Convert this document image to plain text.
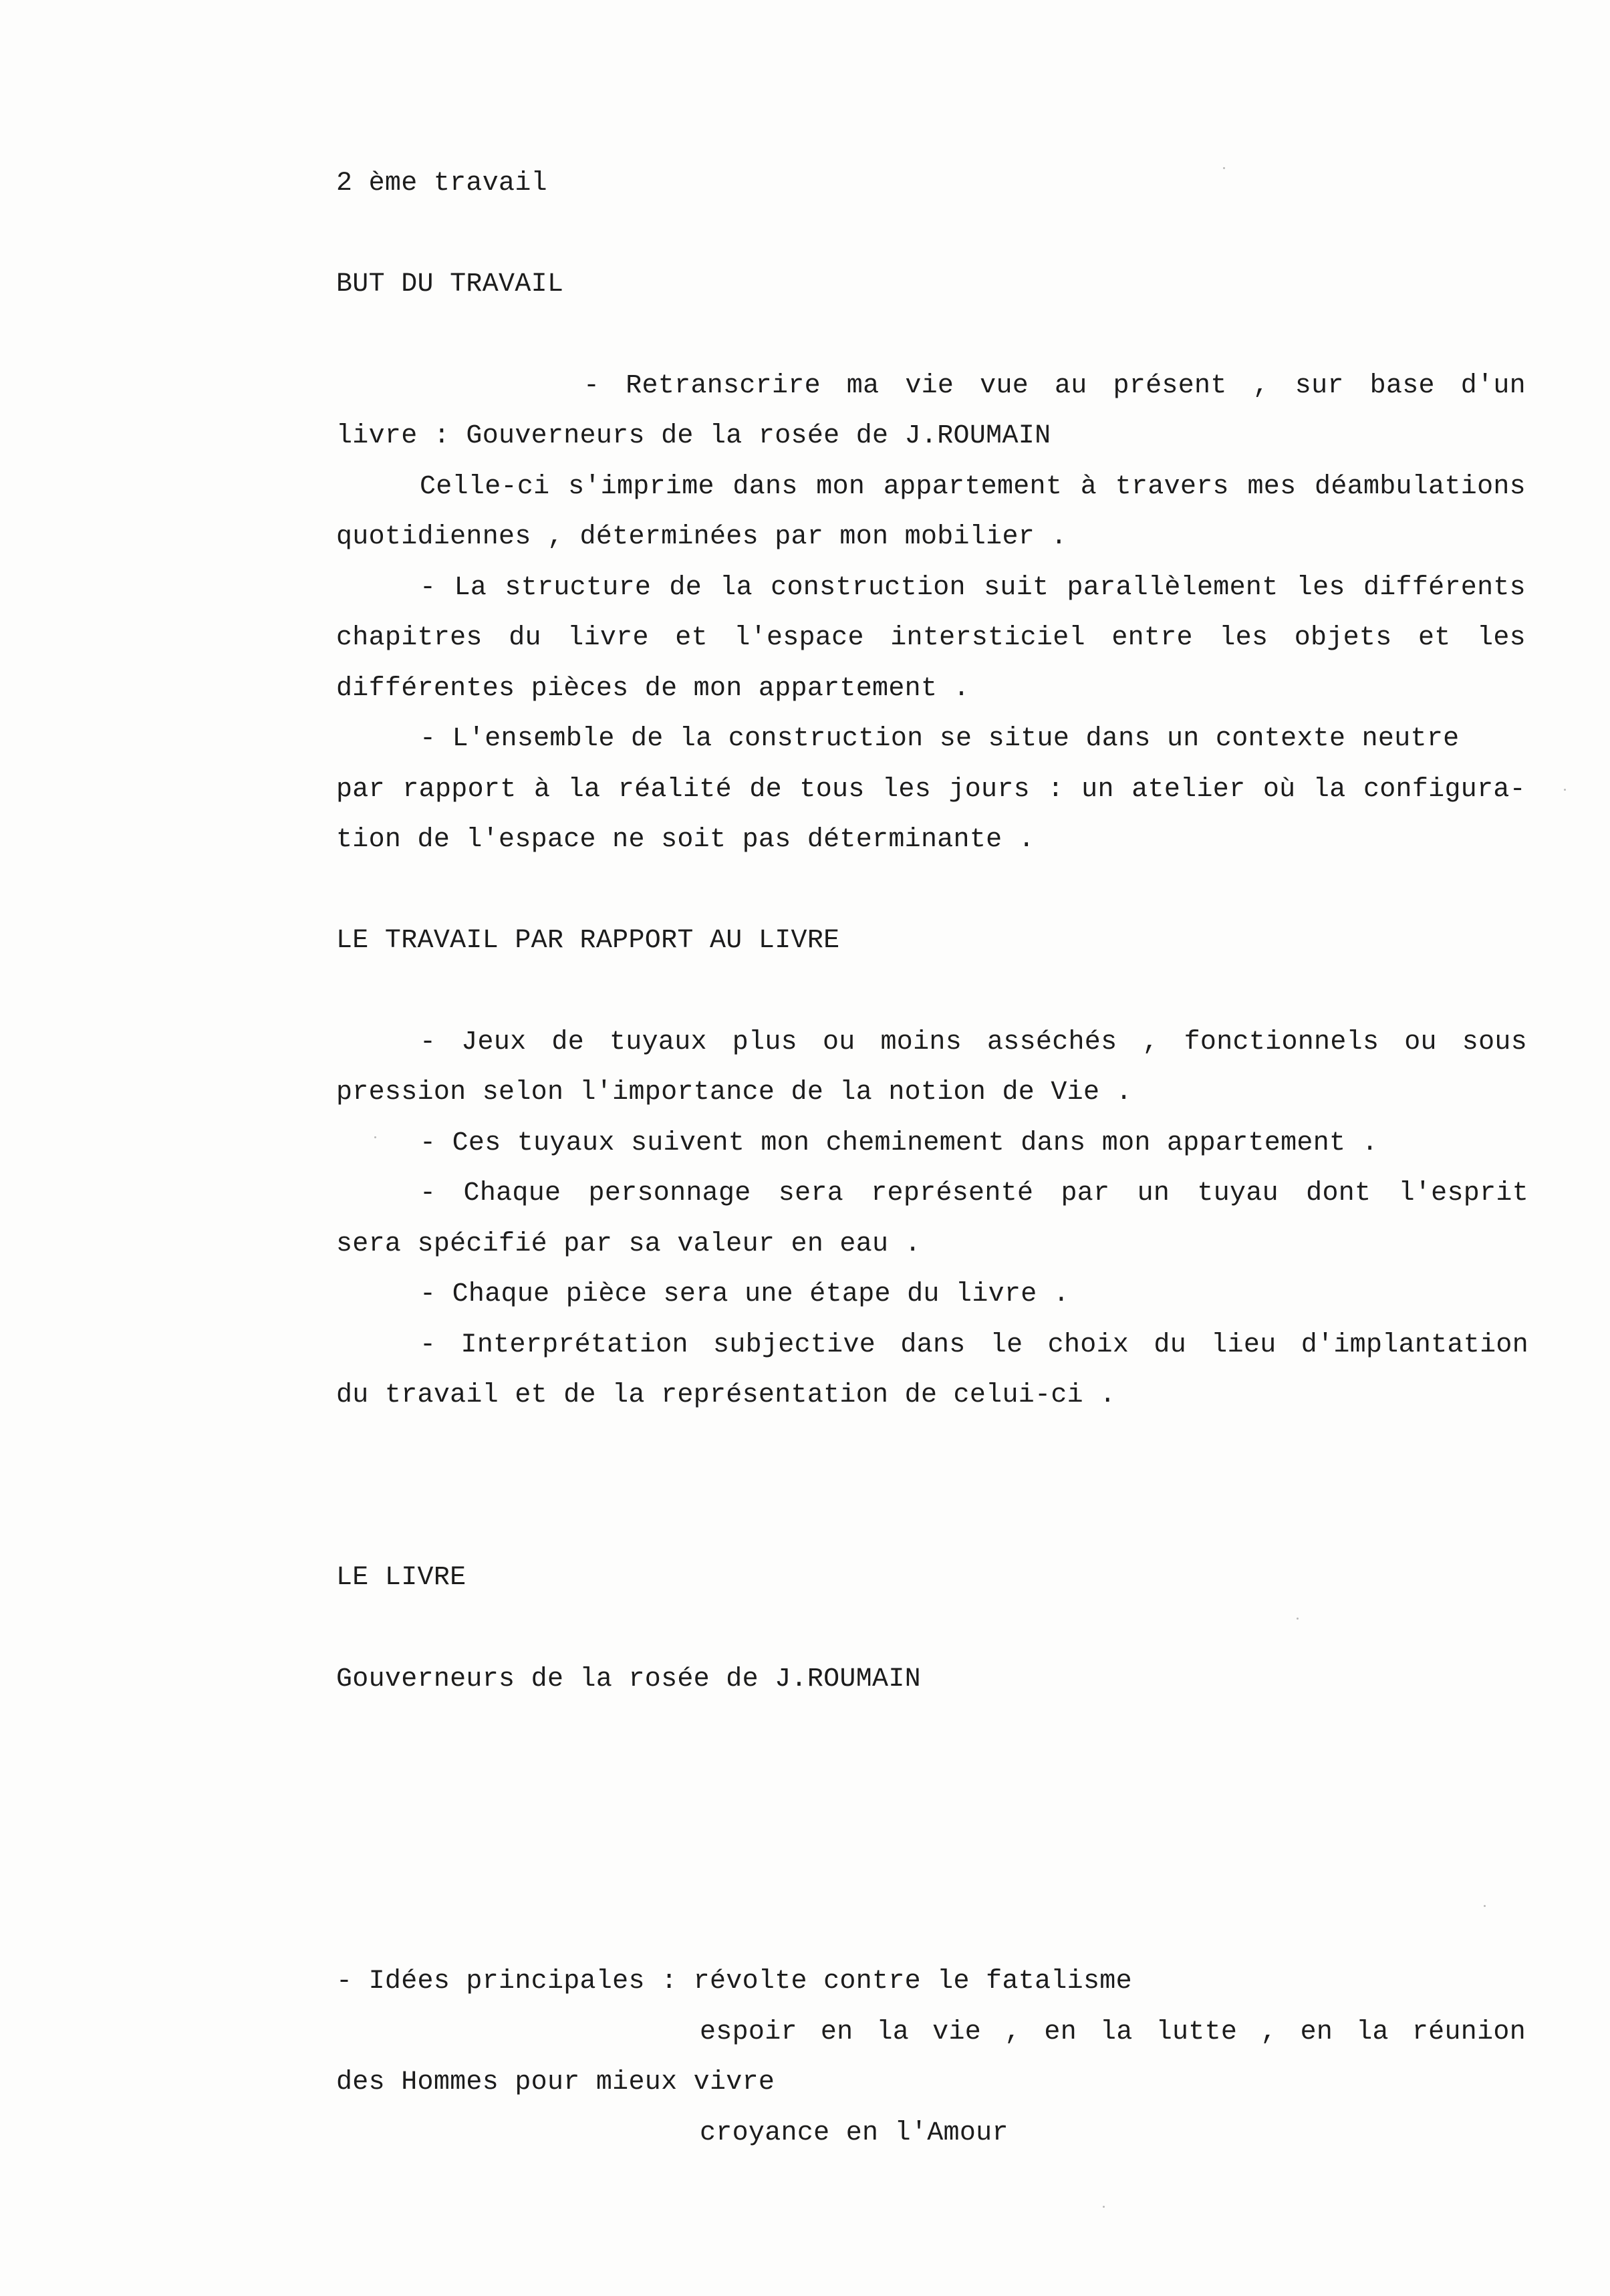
2 ème travail
BUT DU TRAVAIL
- Retranscrire ma vie vue au présent , sur base d'un
livre : Gouverneurs de la rosée de J.ROUMAIN
Celle-ci s'imprime dans mon appartement à travers mes déambulations
quotidiennes , déterminées par mon mobilier .
- La structure de la construction suit parallèlement les différents
chapitres du livre et l'espace intersticiel entre les objets et les
différentes pièces de mon appartement .
- L'ensemble de la construction se situe dans un contexte neutre
par rapport à la réalité de tous les jours : un atelier où la configura-
tion de l'espace ne soit pas déterminante .
LE TRAVAIL PAR RAPPORT AU LIVRE
- Jeux de tuyaux plus ou moins asséchés , fonctionnels ou sous
pression selon l'importance de la notion de Vie .
- Ces tuyaux suivent mon cheminement dans mon appartement .
- Chaque personnage sera représenté par un tuyau dont l'esprit
sera spécifié par sa valeur en eau .
- Chaque pièce sera une étape du livre .
- Interprétation subjective dans le choix du lieu d'implantation
du travail et de la représentation de celui-ci .
LE LIVRE
Gouverneurs de la rosée de J.ROUMAIN
- Idées principales : révolte contre le fatalisme
espoir en la vie , en la lutte , en la réunion
des Hommes pour mieux vivre
croyance en l'Amour
